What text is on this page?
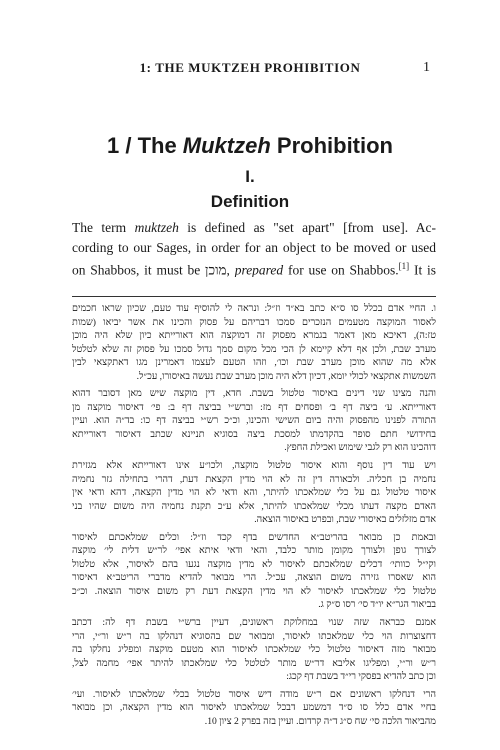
1: THE MUKTZEH PROHIBITION	1
1 / The Muktzeh Prohibition
I.
Definition
The term muktzeh is defined as "set apart" [from use]. Ac-
cording to our Sages, in order for an object to be moved or used
on Shabbos, it must be מוכן, prepared for use on Shabbos.[1] It is
ו. החיי אדם בכלל סו ס״א כתב בא״ד וז״ל: ונראה לי להוסיף עוד טעם, שכיון שראו חכמים
לאסור המוקצה מטעמים הנזכרים סמכו דבריהם על פסוק והכינו את אשר יביאו (שמות
טז:ה), דאיכא מאן דאמר בגמרא מפסוק זה דמוקצה הוא דאורייתא כיון שלא היה מוכן
מערב שבת, ולכן אף דלא קיימא לן הכי מכל מקום סמך גדול סמכו על פסוק זה שלא לטלטל
אלא מה שהוא מוכן מערב שבת וכו׳, וזהו הטעם לעצמו דאמרינן מגו דאתקצאי לבין
השמשות אתקצאי לכולי יומא, דכיון דלא היה מוכן מערב שבת נעשה באיסורו, עכ״ל.
והנה מצינו שני דינים באיסור טלטול בשבת. חדא, דין מוקצה שיש מאן דסובר דהוא
דאורייתא. ע׳ ביצה דף ב׳ ופסחים דף מז: וברש״י בביצה דף ב: פי׳ דאיסור מוקצה מן
התורה לפנינו מהפסוק והיה ביום השישי והכינו, וכ״כ רש״י בביצה דף כו: בד״ה הוא. ועיין
בחידושי חתם סופר בהקדמתו למסכת ביצה בסוגיא תניינא שכתב דאיסור דאורייתא
דוהכינו הוא רק לגבי שימוש ואכילת החפץ.
ויש עוד דין נוסף והוא איסור טלטול מוקצה, ולכו״ע אינו דאורייתא אלא מגזירת
נחמיה בן חכליה. ולכאורה דין זה לא הוי מדין הקצאת דעת, דהרי בתחילה גזר נחמיה
איסור טלטול גם על כלי שמלאכתו להיתר, והא ודאי לא הוי מדין הקצאה, דהא ודאי אין
האדם מקצה דעתו מכלי שמלאכתו להיתר, אלא ע״כ תקנת נחמיה היה משום שהיו בני
אדם מזלזלים באיסורי שבת, ובפרט באיסור הוצאה.
ובאמת כן מבואר בהריטב״א החדשים בדף קכד וז״ל: וכלים שמלאכתם לאיסור
לצורך גופן ולצורך מקומן מותר כלבד, והאי ודאי איתא אפי׳ לר״ש דלית לי׳ מוקצה
וקי״ל כוותי׳ דכלים שמלאכתם לאיסור לא מדין מוקצה נגעו בהם לאיסור, אלא טלטול
הוא שאסרו גזירה משום הוצאה, עכ״ל. הרי מבואר להדיא מדברי הריטב״א דאיסור
טלטול כלי שמלאכתו לאיסור לא הוי מדין הקצאת דעת רק משום איסור הוצאה. וכ״כ
בביאור הגר״א יו״ד סי׳ רסו ס״ק ג.
אמנם כבראה שזה שנוי במחלוקת ראשונים, דעיין ברש״י בשבת דף לה: דכתב
דחצוצרות הוי כלי שמלאכתו לאיסור, ומבואר שם בהסוגיא דנהלקו בה ר״ש ור״י, הרי
מבואר מזה דאיסור טלטול כלי שמלאכתו לאיסור הוא מטעם מוקצה ומפליג נחלקו בה
ר״ש ור״י, ומפליגו אליבא דר״ש מותר לטלטל כלי שמלאכתו להיתר אפי׳ מחמה לצל,
וכן כתב להדיא בפסקי רי״ד בשבת דף קכג:
הרי דנחלקו ראשונים אם ר״ש מודה דיש איסור טלטול בכלי שמלאכתו לאיסור. ועי׳
בחיי אדם כלל סו ס״ד דמשמע דבכל שמלאכתו לאיסור הוא מדין הקצאה, וכן מבואר
מהביאור הלכה סי׳ שח ס״ג ד״ה קרדום. ועיין בזה בפרק 2 ציון 10.
